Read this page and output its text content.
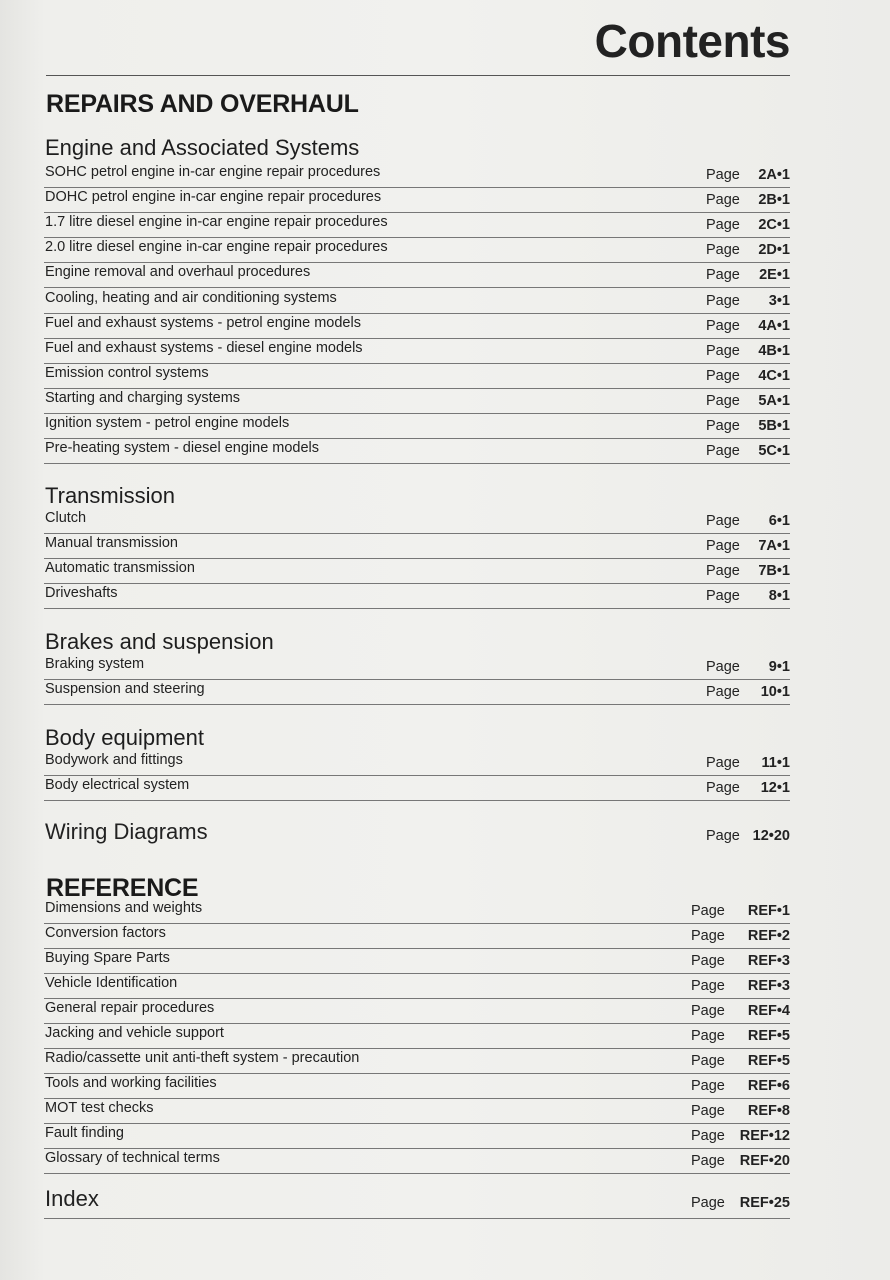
Contents
REPAIRS AND OVERHAUL
Engine and Associated Systems
SOHC petrol engine in-car engine repair procedures	Page 2A•1
DOHC petrol engine in-car engine repair procedures	Page 2B•1
1.7 litre diesel engine in-car engine repair procedures	Page 2C•1
2.0 litre diesel engine in-car engine repair procedures	Page 2D•1
Engine removal and overhaul procedures	Page 2E•1
Cooling, heating and air conditioning systems	Page 3•1
Fuel and exhaust systems - petrol engine models	Page 4A•1
Fuel and exhaust systems - diesel engine models	Page 4B•1
Emission control systems	Page 4C•1
Starting and charging systems	Page 5A•1
Ignition system - petrol engine models	Page 5B•1
Pre-heating system - diesel engine models	Page 5C•1
Transmission
Clutch	Page 6•1
Manual transmission	Page 7A•1
Automatic transmission	Page 7B•1
Driveshafts	Page 8•1
Brakes and suspension
Braking system	Page 9•1
Suspension and steering	Page 10•1
Body equipment
Bodywork and fittings	Page 11•1
Body electrical system	Page 12•1
Wiring Diagrams	Page 12•20
REFERENCE
Dimensions and weights	Page REF•1
Conversion factors	Page REF•2
Buying Spare Parts	Page REF•3
Vehicle Identification	Page REF•3
General repair procedures	Page REF•4
Jacking and vehicle support	Page REF•5
Radio/cassette unit anti-theft system - precaution	Page REF•5
Tools and working facilities	Page REF•6
MOT test checks	Page REF•8
Fault finding	Page REF•12
Glossary of technical terms	Page REF•20
Index	Page REF•25
